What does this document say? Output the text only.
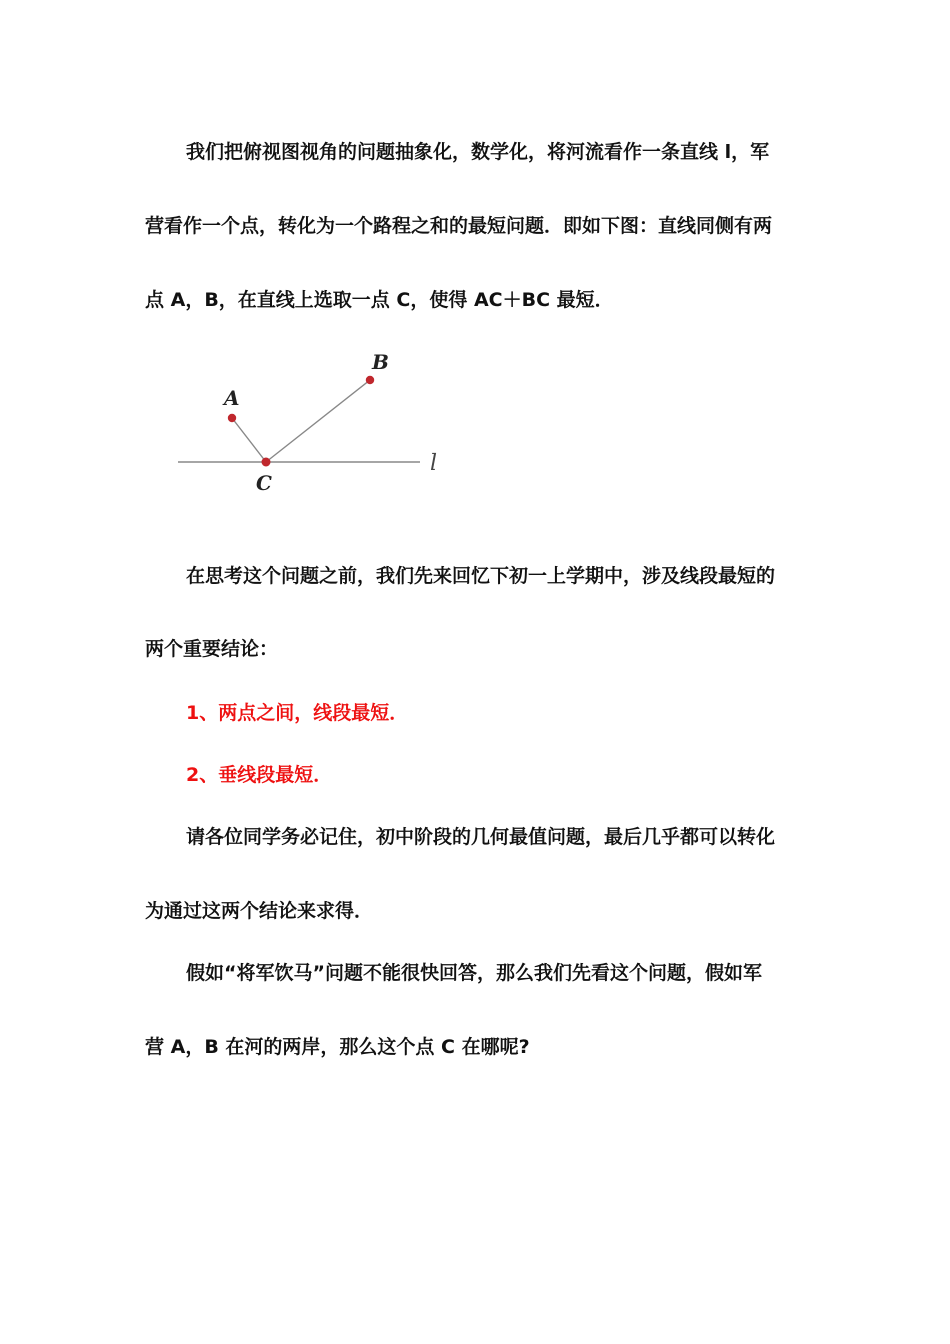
我们把俯视图视角的问题抽象化，数学化，将河流看作一条直线 l，军
营看作一个点，转化为一个路程之和的最短问题．即如下图：直线同侧有两
点 A，B，在直线上选取一点 C，使得 AC＋BC 最短．
A
B
C
l
在思考这个问题之前，我们先来回忆下初一上学期中，涉及线段最短的
两个重要结论：
1、两点之间，线段最短．
2、垂线段最短．
请各位同学务必记住，初中阶段的几何最值问题，最后几乎都可以转化
为通过这两个结论来求得．
假如“将军饮马”问题不能很快回答，那么我们先看这个问题，假如军
营 A，B 在河的两岸，那么这个点 C 在哪呢?
